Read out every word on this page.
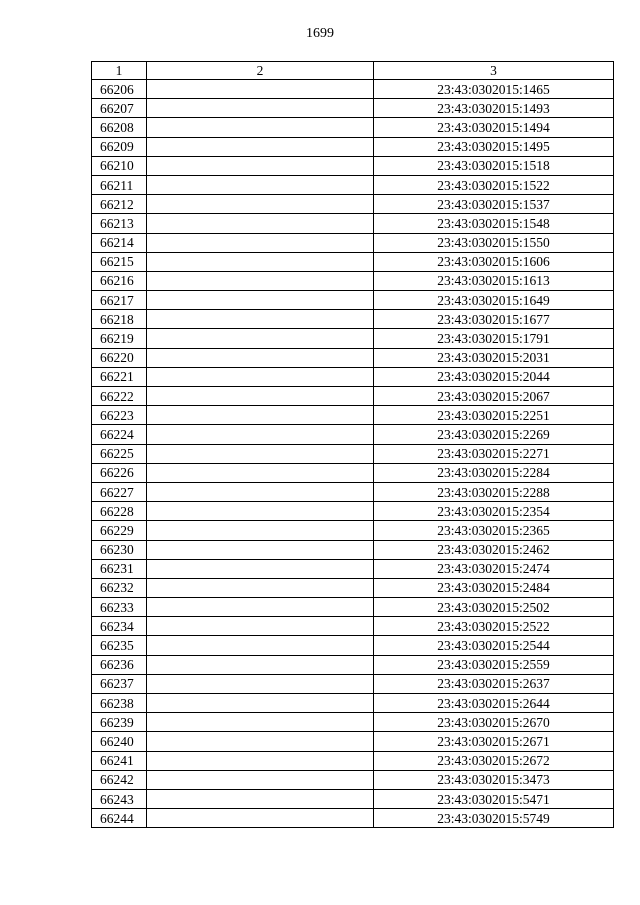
1699
1	2	3
66206		23:43:0302015:1465
66207		23:43:0302015:1493
66208		23:43:0302015:1494
66209		23:43:0302015:1495
66210		23:43:0302015:1518
66211		23:43:0302015:1522
66212		23:43:0302015:1537
66213		23:43:0302015:1548
66214		23:43:0302015:1550
66215		23:43:0302015:1606
66216		23:43:0302015:1613
66217		23:43:0302015:1649
66218		23:43:0302015:1677
66219		23:43:0302015:1791
66220		23:43:0302015:2031
66221		23:43:0302015:2044
66222		23:43:0302015:2067
66223		23:43:0302015:2251
66224		23:43:0302015:2269
66225		23:43:0302015:2271
66226		23:43:0302015:2284
66227		23:43:0302015:2288
66228		23:43:0302015:2354
66229		23:43:0302015:2365
66230		23:43:0302015:2462
66231		23:43:0302015:2474
66232		23:43:0302015:2484
66233		23:43:0302015:2502
66234		23:43:0302015:2522
66235		23:43:0302015:2544
66236		23:43:0302015:2559
66237		23:43:0302015:2637
66238		23:43:0302015:2644
66239		23:43:0302015:2670
66240		23:43:0302015:2671
66241		23:43:0302015:2672
66242		23:43:0302015:3473
66243		23:43:0302015:5471
66244		23:43:0302015:5749
